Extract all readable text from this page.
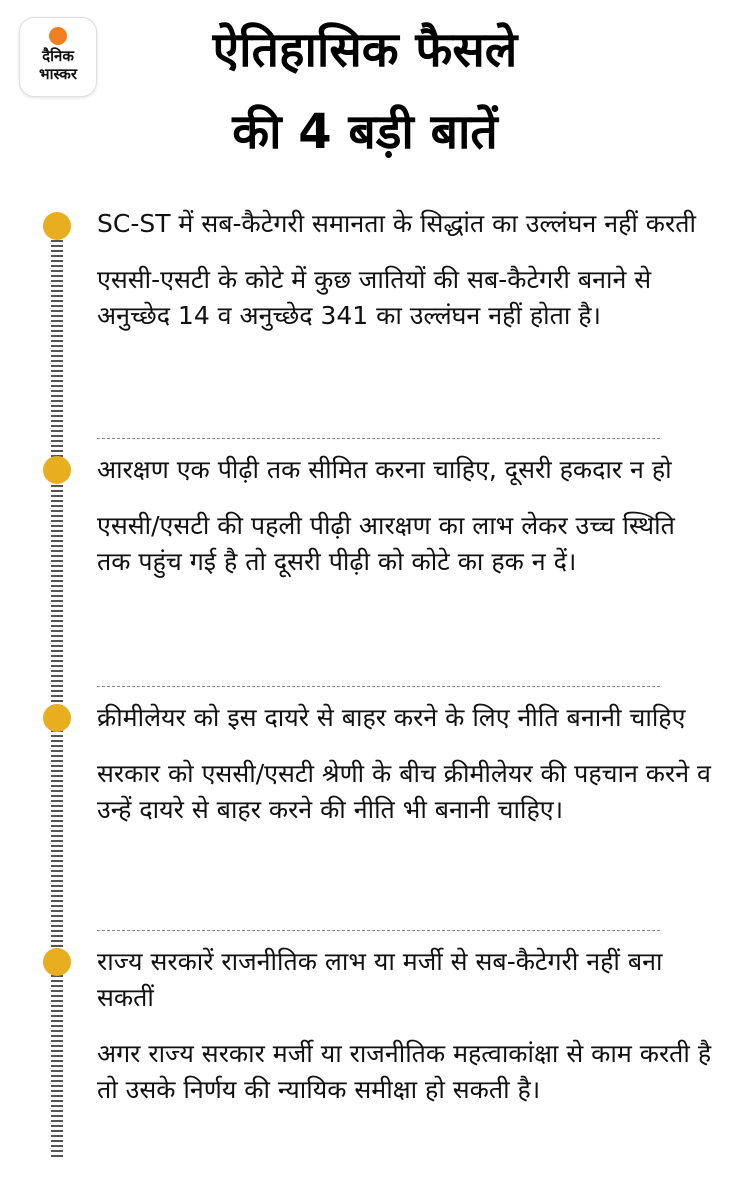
दैनिक
भास्कर	ऐतिहासिक फैसले
की 4 बड़ी बातें

SC-ST में सब-कैटेगरी समानता के सिद्धांत का उल्लंघन नहीं करती

एससी-एसटी के कोटे में कुछ जातियों की सब-कैटेगरी बनाने से अनुच्छेद 14 व अनुच्छेद 341 का उल्लंघन नहीं होता है।

आरक्षण एक पीढ़ी तक सीमित करना चाहिए, दूसरी हकदार न हो

एससी/एसटी की पहली पीढ़ी आरक्षण का लाभ लेकर उच्च स्थिति तक पहुंच गई है तो दूसरी पीढ़ी को कोटे का हक न दें।

क्रीमीलेयर को इस दायरे से बाहर करने के लिए नीति बनानी चाहिए

सरकार को एससी/एसटी श्रेणी के बीच क्रीमीलेयर की पहचान करने व उन्हें दायरे से बाहर करने की नीति भी बनानी चाहिए।

राज्य सरकारें राजनीतिक लाभ या मर्जी से सब-कैटेगरी नहीं बना सकतीं

अगर राज्य सरकार मर्जी या राजनीतिक महत्वाकांक्षा से काम करती है तो उसके निर्णय की न्यायिक समीक्षा हो सकती है।
